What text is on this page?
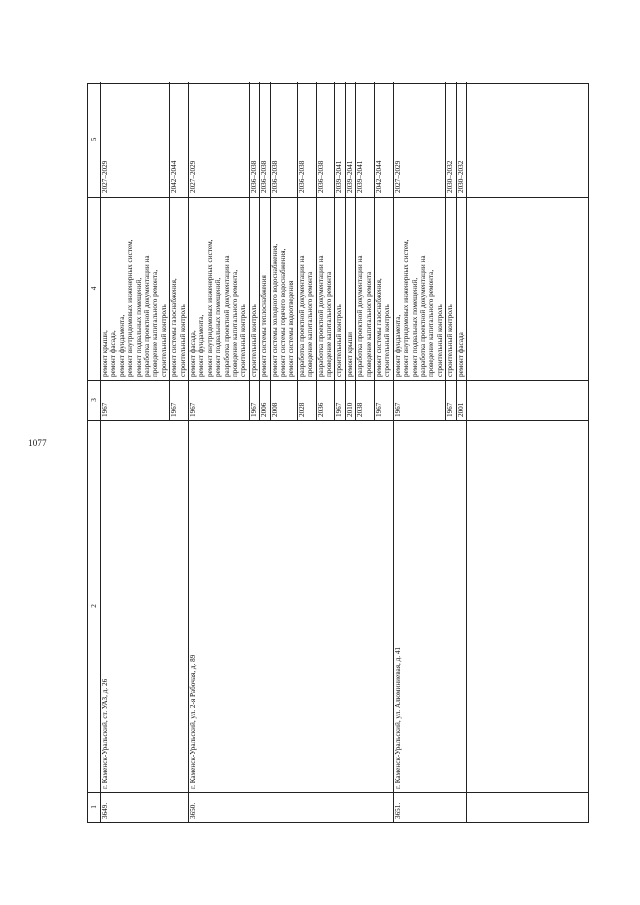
1077
1
2
3
4
5
1967
ремонт крыши, ремонт фасада, ремонт фундамента, ремонт внутридомовых инженерных систем, ремонт подвальных помещений, разработка проектной документации на проведение капитального ремонта, строительный контроль
2027–2029
1967
ремонт системы газоснабжения, строительный контроль
2042–2044
3649.
г. Каменск-Уральский, ст. УАЗ, д. 26
1967
ремонт фасада, ремонт фундамента, ремонт внутридомовых инженерных систем, ремонт подвальных помещений, разработка проектной документации на проведение капитального ремонта, строительный контроль
2027–2029
1967
строительный контроль
2036–2038
2006
ремонт системы теплоснабжения
2036–2038
2008
ремонт системы холодного водоснабжения, ремонт системы горячего водоснабжения, ремонт системы водоотведения
2036–2038
2028
разработка проектной документации на проведение капитального ремонта
2036–2038
2036
разработка проектной документации на проведение капитального ремонта
2036–2038
1967
строительный контроль
2039–2041
2010
ремонт крыши
2039–2041
2038
разработка проектной документации на проведение капитального ремонта
2039–2041
1967
ремонт системы газоснабжения, строительный контроль
2042–2044
3650.
г. Каменск-Уральский, ул. 2-я Рабочая, д. 89
1967
ремонт фундамента, ремонт внутридомовых инженерных систем, ремонт подвальных помещений, разработка проектной документации на проведение капитального ремонта, строительный контроль
2027–2029
1967
строительный контроль
2030–2032
2001
ремонт фасада
2030–2032
3651.
г. Каменск-Уральский, ул. Алюминиевая, д. 41
